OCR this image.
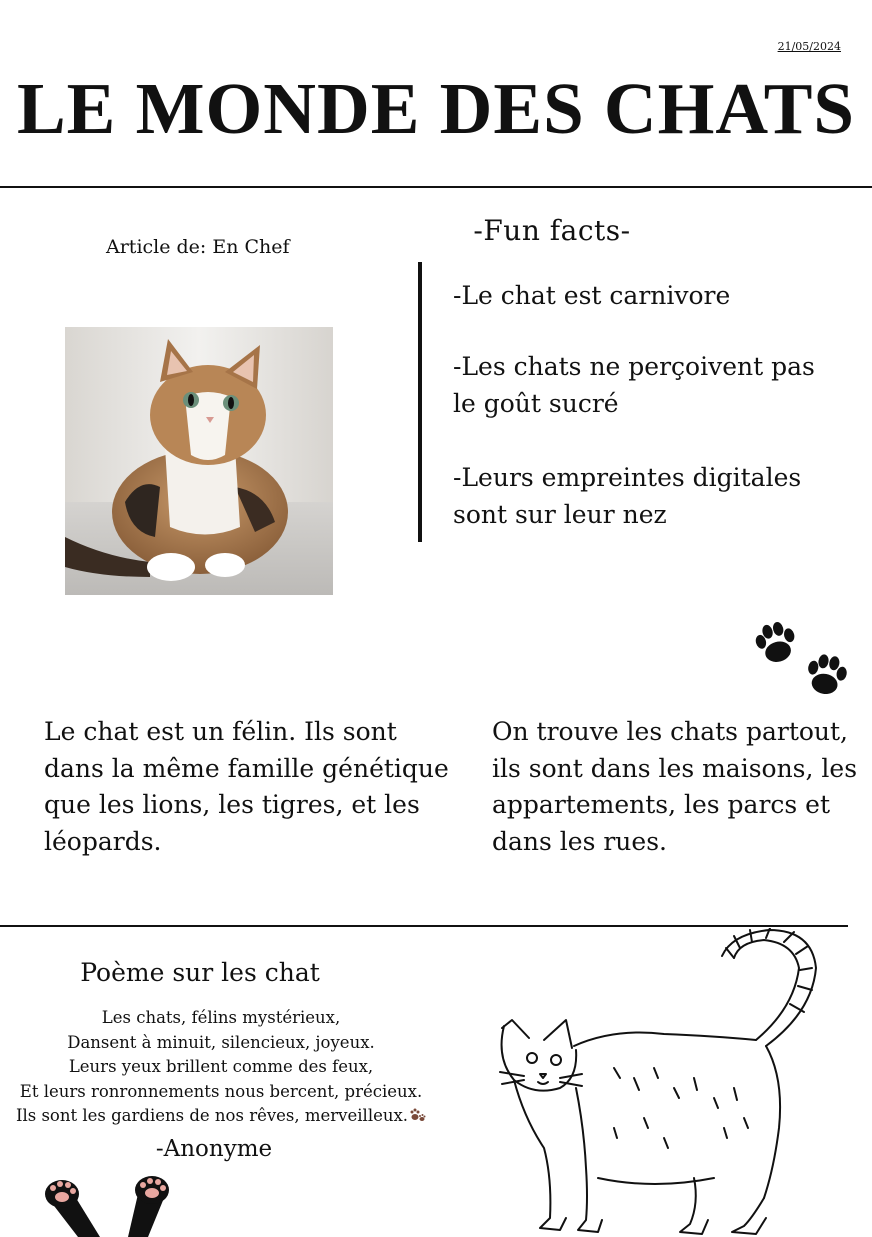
21/05/2024
LE MONDE DES CHATS
Article de: En Chef	-Fun facts-
-Le chat est carnivore
-Les chats ne perçoivent pas le goût sucré
-Leurs empreintes digitales sont sur leur nez
Le chat est un félin. Ils sont dans la même famille génétique que les lions, les tigres, et les léopards.
On trouve les chats partout, ils sont dans les maisons, les appartements, les parcs et dans les rues.
Poème sur les chat
Les chats, félins mystérieux,
Dansent à minuit, silencieux, joyeux.
Leurs yeux brillent comme des feux,
Et leurs ronronnements nous bercent, précieux.
Ils sont les gardiens de nos rêves, merveilleux.
-Anonyme
